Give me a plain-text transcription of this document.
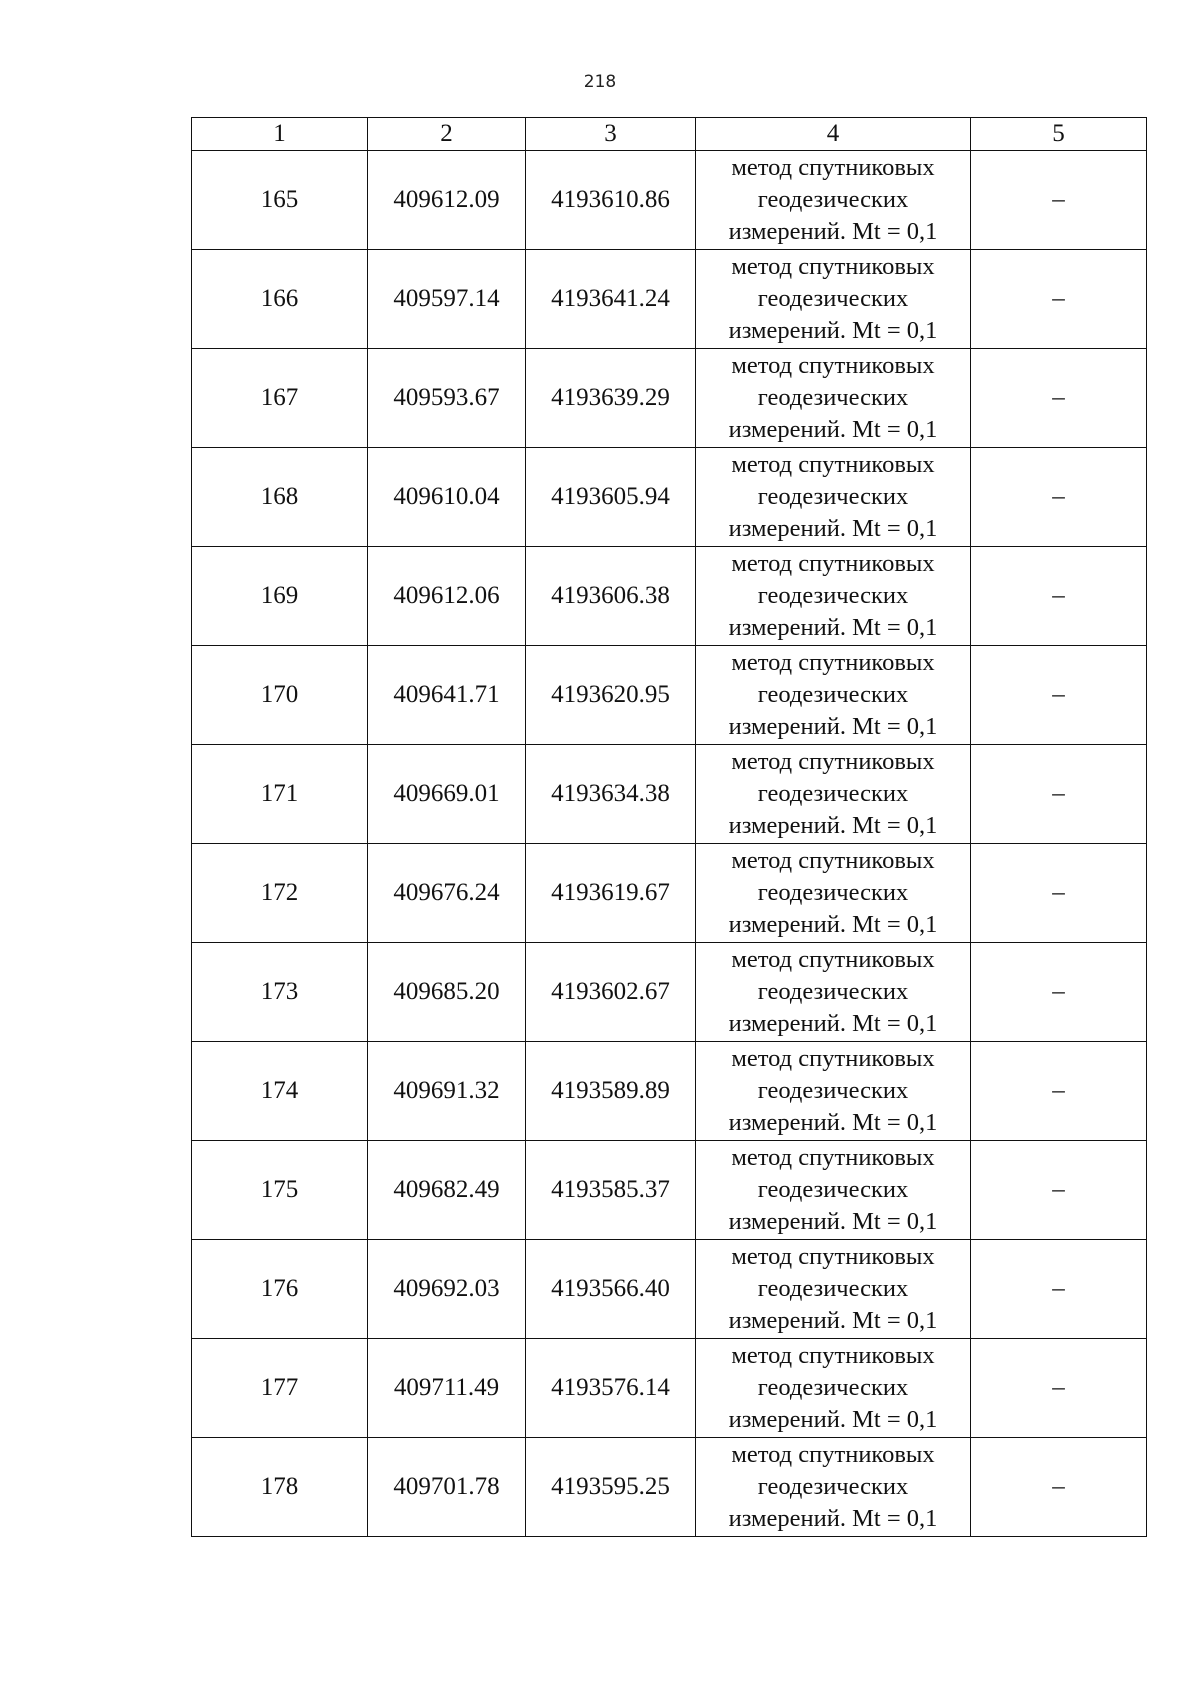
218
1	2	3	4	5
165	409612.09	4193610.86	метод спутниковых
геодезических
измерений. Mt = 0,1	–
166	409597.14	4193641.24	метод спутниковых
геодезических
измерений. Mt = 0,1	–
167	409593.67	4193639.29	метод спутниковых
геодезических
измерений. Mt = 0,1	–
168	409610.04	4193605.94	метод спутниковых
геодезических
измерений. Mt = 0,1	–
169	409612.06	4193606.38	метод спутниковых
геодезических
измерений. Mt = 0,1	–
170	409641.71	4193620.95	метод спутниковых
геодезических
измерений. Mt = 0,1	–
171	409669.01	4193634.38	метод спутниковых
геодезических
измерений. Mt = 0,1	–
172	409676.24	4193619.67	метод спутниковых
геодезических
измерений. Mt = 0,1	–
173	409685.20	4193602.67	метод спутниковых
геодезических
измерений. Mt = 0,1	–
174	409691.32	4193589.89	метод спутниковых
геодезических
измерений. Mt = 0,1	–
175	409682.49	4193585.37	метод спутниковых
геодезических
измерений. Mt = 0,1	–
176	409692.03	4193566.40	метод спутниковых
геодезических
измерений. Mt = 0,1	–
177	409711.49	4193576.14	метод спутниковых
геодезических
измерений. Mt = 0,1	–
178	409701.78	4193595.25	метод спутниковых
геодезических
измерений. Mt = 0,1	–
